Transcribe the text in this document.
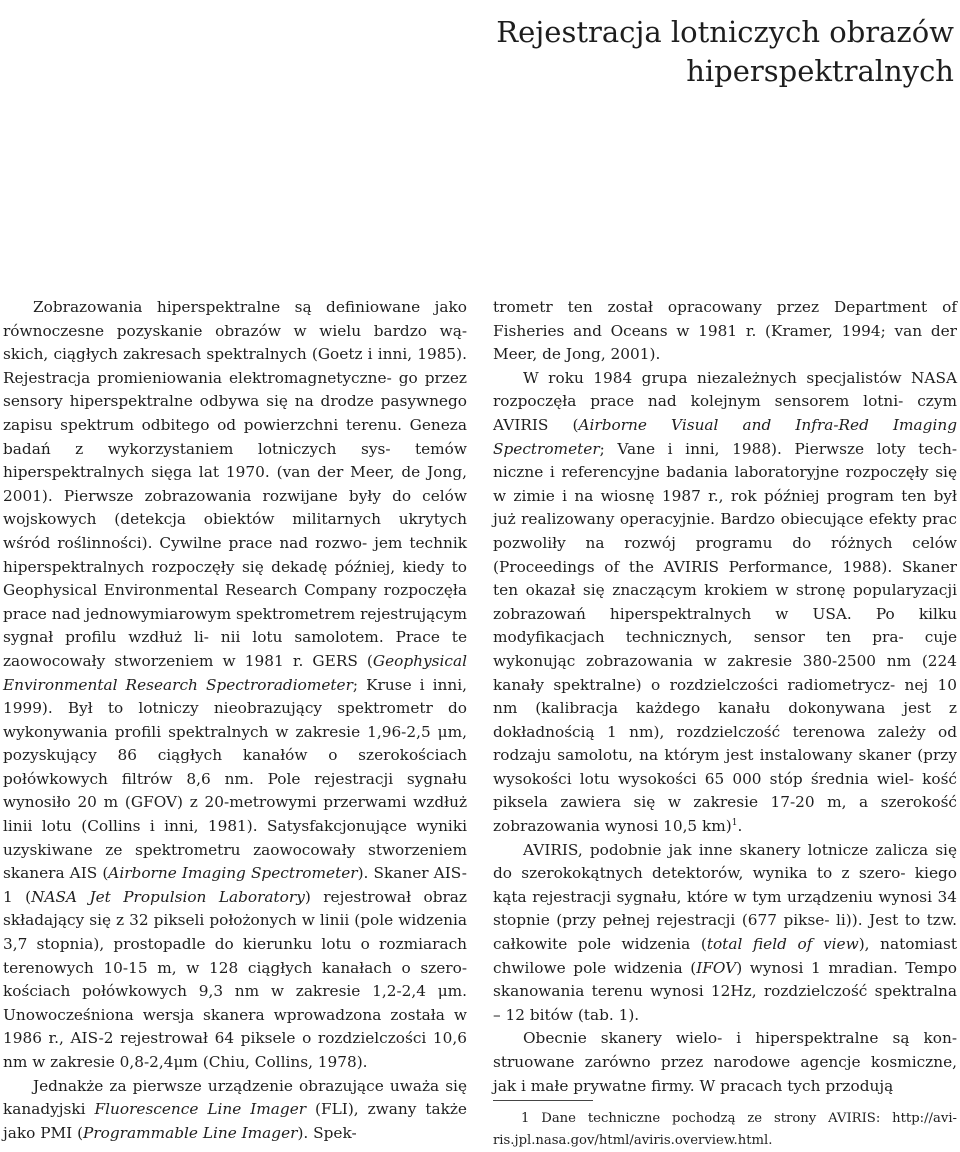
Rejestracja lotniczych obrazów hiperspektralnych

Zobrazowania hiperspektralne są definiowane jako równoczesne pozyskanie obrazów w wielu bardzo wą- skich, ciągłych zakresach spektralnych (Goetz i inni, 1985). Rejestracja promieniowania elektromagnetyczne- go przez sensory hiperspektralne odbywa się na drodze pasywnego zapisu spektrum odbitego od powierzchni terenu. Geneza badań z wykorzystaniem lotniczych sys- temów hiperspektralnych sięga lat 1970. (van der Meer, de Jong, 2001). Pierwsze zobrazowania rozwijane były do celów wojskowych (detekcja obiektów militarnych ukrytych wśród roślinności). Cywilne prace nad rozwo- jem technik hiperspektralnych rozpoczęły się dekadę później, kiedy to Geophysical Environmental Research Company rozpoczęła prace nad jednowymiarowym spektrometrem rejestrującym sygnał profilu wzdłuż li- nii lotu samolotem. Prace te zaowocowały stworzeniem w 1981 r. GERS (Geophysical Environmental Research Spectroradiometer; Kruse i inni, 1999). Był to lotniczy nieobrazujący spektrometr do wykonywania profili spektralnych w zakresie 1,96-2,5 μm, pozyskujący 86 ciągłych kanałów o szerokościach połówkowych filtrów 8,6 nm. Pole rejestracji sygnału wynosiło 20 m (GFOV) z 20-metrowymi przerwami wzdłuż linii lotu (Collins i inni, 1981). Satysfakcjonujące wyniki uzyskiwane ze spektrometru zaowocowały stworzeniem skanera AIS (Airborne Imaging Spectrometer). Skaner AIS-1 (NASA Jet Propulsion Laboratory) rejestrował obraz składający się z 32 pikseli położonych w linii (pole widzenia 3,7 stopnia), prostopadle do kierunku lotu o rozmiarach terenowych 10-15 m, w 128 ciągłych kanałach o szero- kościach połówkowych 9,3 nm w zakresie 1,2-2,4 μm. Unowocześniona wersja skanera wprowadzona została w 1986 r., AIS-2 rejestrował 64 piksele o rozdzielczości 10,6 nm w zakresie 0,8-2,4μm (Chiu, Collins, 1978).

Jednakże za pierwsze urządzenie obrazujące uważa się kanadyjski Fluorescence Line Imager (FLI), zwany także jako PMI (Programmable Line Imager). Spek-

trometr ten został opracowany przez Department of Fisheries and Oceans w 1981 r. (Kramer, 1994; van der Meer, de Jong, 2001).

W roku 1984 grupa niezależnych specjalistów NASA rozpoczęła prace nad kolejnym sensorem lotni- czym AVIRIS (Airborne Visual and Infra-Red Imaging Spectrometer; Vane i inni, 1988). Pierwsze loty tech- niczne i referencyjne badania laboratoryjne rozpoczęły się w zimie i na wiosnę 1987 r., rok później program ten był już realizowany operacyjnie. Bardzo obiecujące efekty prac pozwoliły na rozwój programu do różnych celów (Proceedings of the AVIRIS Performance, 1988). Skaner ten okazał się znaczącym krokiem w stronę popularyzacji zobrazowań hiperspektralnych w USA. Po kilku modyfikacjach technicznych, sensor ten pra- cuje wykonując zobrazowania w zakresie 380-2500 nm (224 kanały spektralne) o rozdzielczości radiometrycz- nej 10 nm (kalibracja każdego kanału dokonywana jest z dokładnością 1 nm), rozdzielczość terenowa zależy od rodzaju samolotu, na którym jest instalowany skaner (przy wysokości lotu wysokości 65 000 stóp średnia wiel- kość piksela zawiera się w zakresie 17-20 m, a szerokość zobrazowania wynosi 10,5 km)$^1$.

AVIRIS, podobnie jak inne skanery lotnicze zalicza się do szerokokątnych detektorów, wynika to z szero- kiego kąta rejestracji sygnału, które w tym urządzeniu wynosi 34 stopnie (przy pełnej rejestracji (677 pikse- li)). Jest to tzw. całkowite pole widzenia (total field of view), natomiast chwilowe pole widzenia (IFOV) wynosi 1 mradian. Tempo skanowania terenu wynosi 12Hz, rozdzielczość spektralna – 12 bitów (tab. 1).

Obecnie skanery wielo- i hiperspektralne są kon- struowane zarówno przez narodowe agencje kosmiczne, jak i małe prywatne firmy. W pracach tych przodują

1 Dane techniczne pochodzą ze strony AVIRIS: http://avi- ris.jpl.nasa.gov/html/aviris.overview.html.
